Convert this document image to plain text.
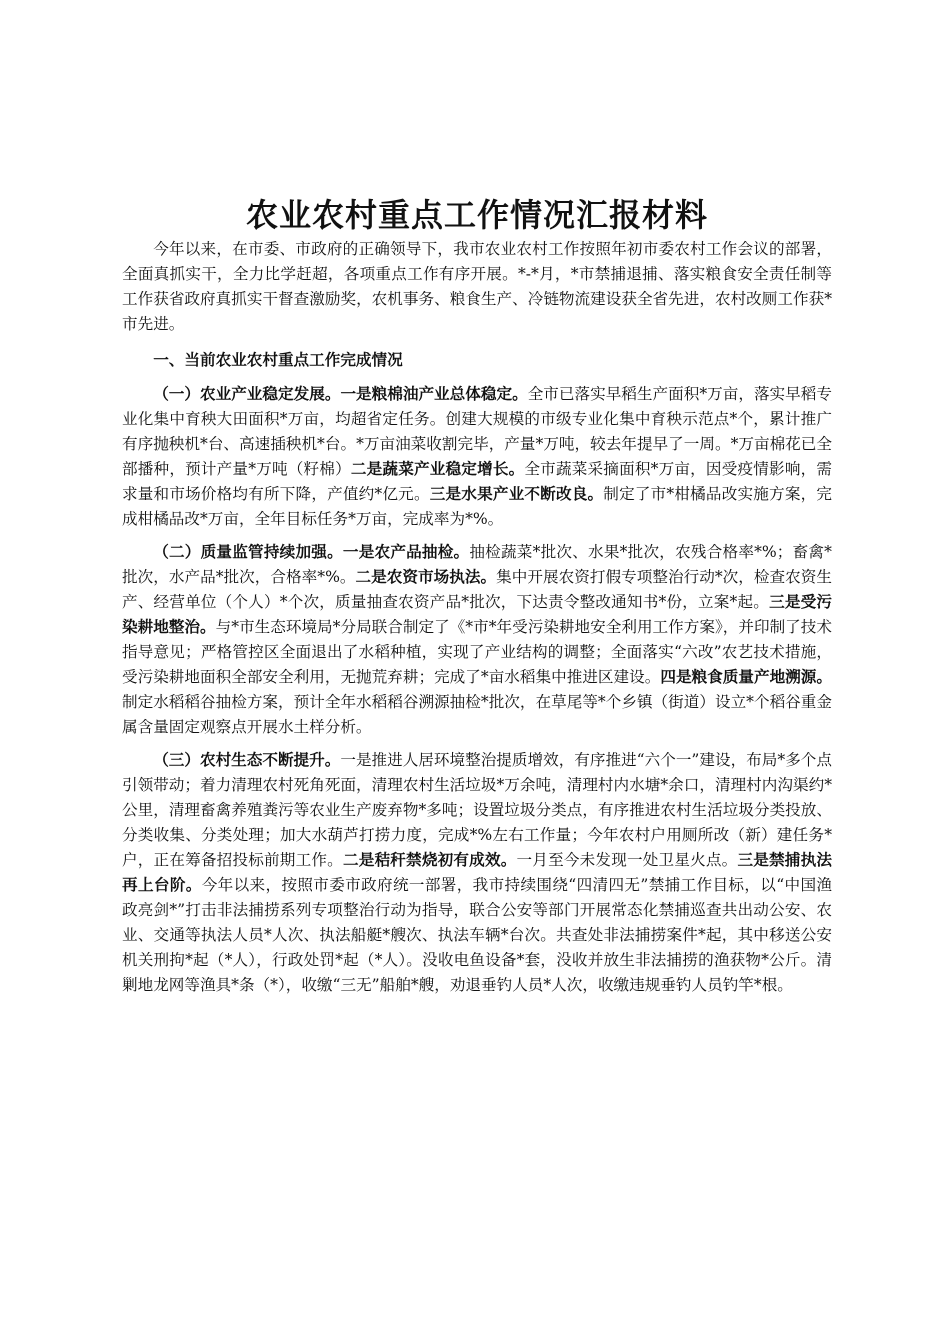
农业农村重点工作情况汇报材料

今年以来，在市委、市政府的正确领导下，我市农业农村工作按照年初市委农村工作会议的部署，全面真抓实干，全力比学赶超，各项重点工作有序开展。*-*月，*市禁捕退捕、落实粮食安全责任制等工作获省政府真抓实干督查激励奖，农机事务、粮食生产、冷链物流建设获全省先进，农村改厕工作获*市先进。

一、当前农业农村重点工作完成情况

（一）农业产业稳定发展。一是粮棉油产业总体稳定。全市已落实早稻生产面积*万亩，落实早稻专业化集中育秧大田面积*万亩，均超省定任务。创建大规模的市级专业化集中育秧示范点*个，累计推广有序抛秧机*台、高速插秧机*台。*万亩油菜收割完毕，产量*万吨，较去年提早了一周。*万亩棉花已全部播种，预计产量*万吨（籽棉）二是蔬菜产业稳定增长。全市蔬菜采摘面积*万亩，因受疫情影响，需求量和市场价格均有所下降，产值约*亿元。三是水果产业不断改良。制定了市*柑橘品改实施方案，完成柑橘品改*万亩，全年目标任务*万亩，完成率为*%。

（二）质量监管持续加强。一是农产品抽检。抽检蔬菜*批次、水果*批次，农残合格率*%；畜禽*批次，水产品*批次，合格率*%。二是农资市场执法。集中开展农资打假专项整治行动*次，检查农资生产、经营单位（个人）*个次，质量抽查农资产品*批次，下达责令整改通知书*份，立案*起。三是受污染耕地整治。与*市生态环境局*分局联合制定了《*市*年受污染耕地安全利用工作方案》，并印制了技术指导意见；严格管控区全面退出了水稻种植，实现了产业结构的调整；全面落实“六改”农艺技术措施，受污染耕地面积全部安全利用，无抛荒弃耕；完成了*亩水稻集中推进区建设。四是粮食质量产地溯源。制定水稻稻谷抽检方案，预计全年水稻稻谷溯源抽检*批次，在草尾等*个乡镇（街道）设立*个稻谷重金属含量固定观察点开展水土样分析。

（三）农村生态不断提升。一是推进人居环境整治提质增效，有序推进“六个一”建设，布局*多个点引领带动；着力清理农村死角死面，清理农村生活垃圾*万余吨，清理村内水塘*余口，清理村内沟渠约*公里，清理畜禽养殖粪污等农业生产废弃物*多吨；设置垃圾分类点，有序推进农村生活垃圾分类投放、分类收集、分类处理；加大水葫芦打捞力度，完成*%左右工作量；今年农村户用厕所改（新）建任务*户，正在筹备招投标前期工作。二是秸秆禁烧初有成效。一月至今未发现一处卫星火点。三是禁捕执法再上台阶。今年以来，按照市委市政府统一部署，我市持续围绕“四清四无”禁捕工作目标，以“中国渔政亮剑*”打击非法捕捞系列专项整治行动为指导，联合公安等部门开展常态化禁捕巡查共出动公安、农业、交通等执法人员*人次、执法船艇*艘次、执法车辆*台次。共查处非法捕捞案件*起，其中移送公安机关刑拘*起（*人），行政处罚*起（*人）。没收电鱼设备*套，没收并放生非法捕捞的渔获物*公斤。清剿地龙网等渔具*条（*），收缴“三无”船舶*艘，劝退垂钓人员*人次，收缴违规垂钓人员钓竿*根。
